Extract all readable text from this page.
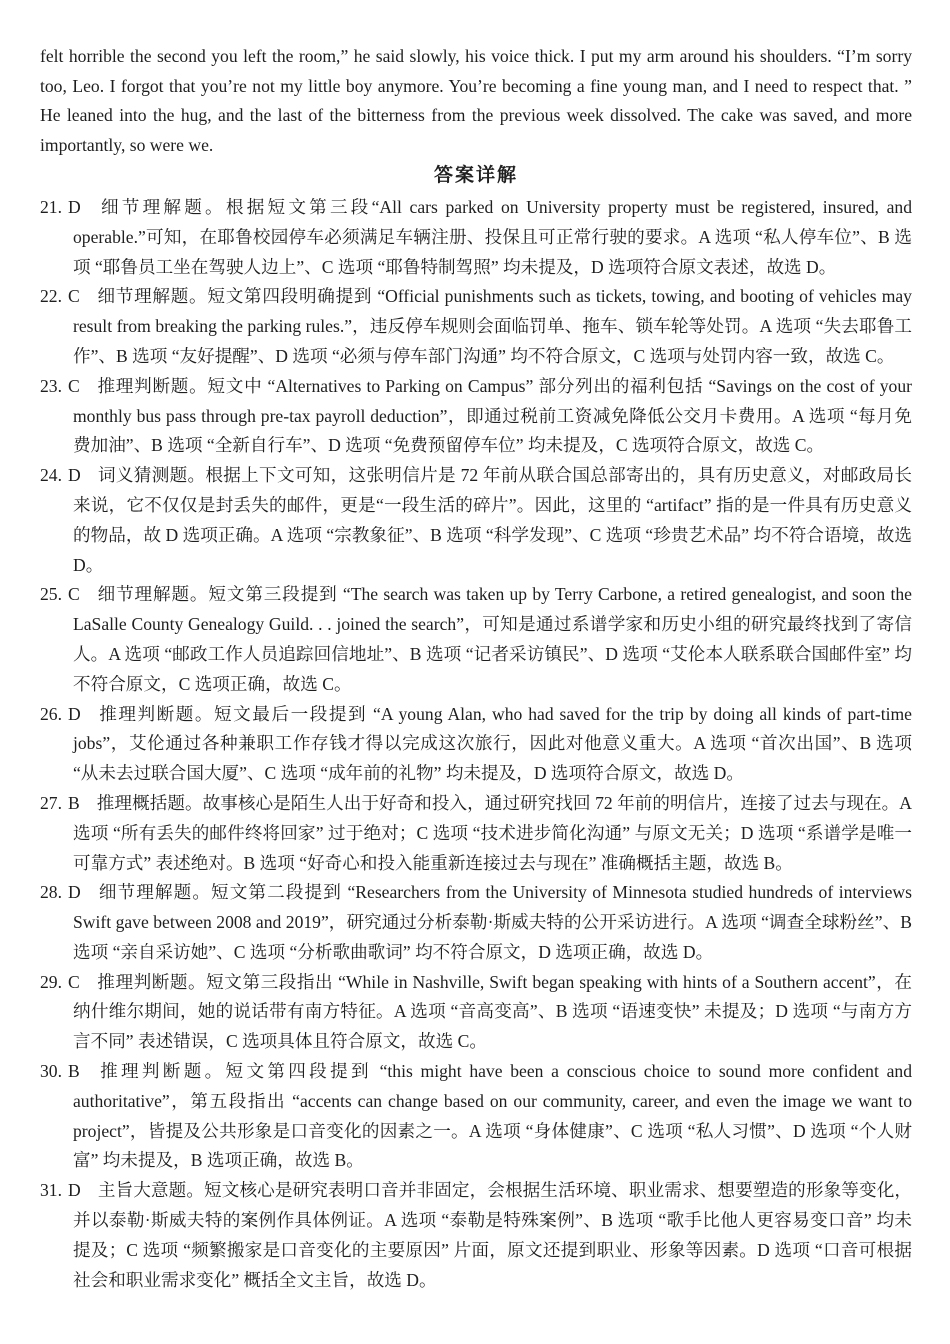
felt horrible the second you left the room,” he said slowly, his voice thick. I put my arm around his shoulders. “I’m sorry too, Leo. I forgot that you’re not my little boy anymore. You’re becoming a fine young man, and I need to respect that. ” He leaned into the hug, and the last of the bitterness from the previous week dissolved. The cake was saved, and more importantly, so were we.

答案详解

21. D 细节理解题。根据短文第三段“All cars parked on University property must be registered, insured, and operable.”可知，在耶鲁校园停车必须满足车辆注册、投保且可正常行驶的要求。A 选项 “私人停车位”、B 选项 “耶鲁员工坐在驾驶人边上”、C 选项 “耶鲁特制驾照” 均未提及，D 选项符合原文表述，故选 D。

22. C 细节理解题。短文第四段明确提到 “Official punishments such as tickets, towing, and booting of vehicles may result from breaking the parking rules.”，违反停车规则会面临罚单、拖车、锁车轮等处罚。A 选项 “失去耶鲁工作”、B 选项 “友好提醒”、D 选项 “必须与停车部门沟通” 均不符合原文，C 选项与处罚内容一致，故选 C。

23. C 推理判断题。短文中 “Alternatives to Parking on Campus” 部分列出的福利包括 “Savings on the cost of your monthly bus pass through pre-tax payroll deduction”，即通过税前工资减免降低公交月卡费用。A 选项 “每月免费加油”、B 选项 “全新自行车”、D 选项 “免费预留停车位” 均未提及，C 选项符合原文，故选 C。

24. D 词义猜测题。根据上下文可知，这张明信片是 72 年前从联合国总部寄出的，具有历史意义，对邮政局长来说，它不仅仅是封丢失的邮件，更是“一段生活的碎片”。因此，这里的 “artifact” 指的是一件具有历史意义的物品，故 D 选项正确。A 选项 “宗教象征”、B 选项 “科学发现”、C 选项 “珍贵艺术品” 均不符合语境，故选 D。

25. C 细节理解题。短文第三段提到 “The search was taken up by Terry Carbone, a retired genealogist, and soon the LaSalle County Genealogy Guild. . . joined the search”，可知是通过系谱学家和历史小组的研究最终找到了寄信人。A 选项 “邮政工作人员追踪回信地址”、B 选项 “记者采访镇民”、D 选项 “艾伦本人联系联合国邮件室” 均不符合原文，C 选项正确，故选 C。

26. D 推理判断题。短文最后一段提到 “A young Alan, who had saved for the trip by doing all kinds of part-time jobs”，艾伦通过各种兼职工作存钱才得以完成这次旅行，因此对他意义重大。A 选项 “首次出国”、B 选项 “从未去过联合国大厦”、C 选项 “成年前的礼物” 均未提及，D 选项符合原文，故选 D。

27. B 推理概括题。故事核心是陌生人出于好奇和投入，通过研究找回 72 年前的明信片，连接了过去与现在。A 选项 “所有丢失的邮件终将回家” 过于绝对；C 选项 “技术进步简化沟通” 与原文无关；D 选项 “系谱学是唯一可靠方式” 表述绝对。B 选项 “好奇心和投入能重新连接过去与现在” 准确概括主题，故选 B。

28. D 细节理解题。短文第二段提到 “Researchers from the University of Minnesota studied hundreds of interviews Swift gave between 2008 and 2019”，研究通过分析泰勒·斯威夫特的公开采访进行。A 选项 “调查全球粉丝”、B 选项 “亲自采访她”、C 选项 “分析歌曲歌词” 均不符合原文，D 选项正确，故选 D。

29. C 推理判断题。短文第三段指出 “While in Nashville, Swift began speaking with hints of a Southern accent”，在纳什维尔期间，她的说话带有南方特征。A 选项 “音高变高”、B 选项 “语速变快” 未提及；D 选项 “与南方方言不同” 表述错误，C 选项具体且符合原文，故选 C。

30. B 推理判断题。短文第四段提到 “this might have been a conscious choice to sound more confident and authoritative”，第五段指出 “accents can change based on our community, career, and even the image we want to project”，皆提及公共形象是口音变化的因素之一。A 选项 “身体健康”、C 选项 “私人习惯”、D 选项 “个人财富” 均未提及，B 选项正确，故选 B。

31. D 主旨大意题。短文核心是研究表明口音并非固定，会根据生活环境、职业需求、想要塑造的形象等变化，并以泰勒·斯威夫特的案例作具体例证。A 选项 “泰勒是特殊案例”、B 选项 “歌手比他人更容易变口音” 均未提及；C 选项 “频繁搬家是口音变化的主要原因” 片面，原文还提到职业、形象等因素。D 选项 “口音可根据社会和职业需求变化” 概括全文主旨，故选 D。
